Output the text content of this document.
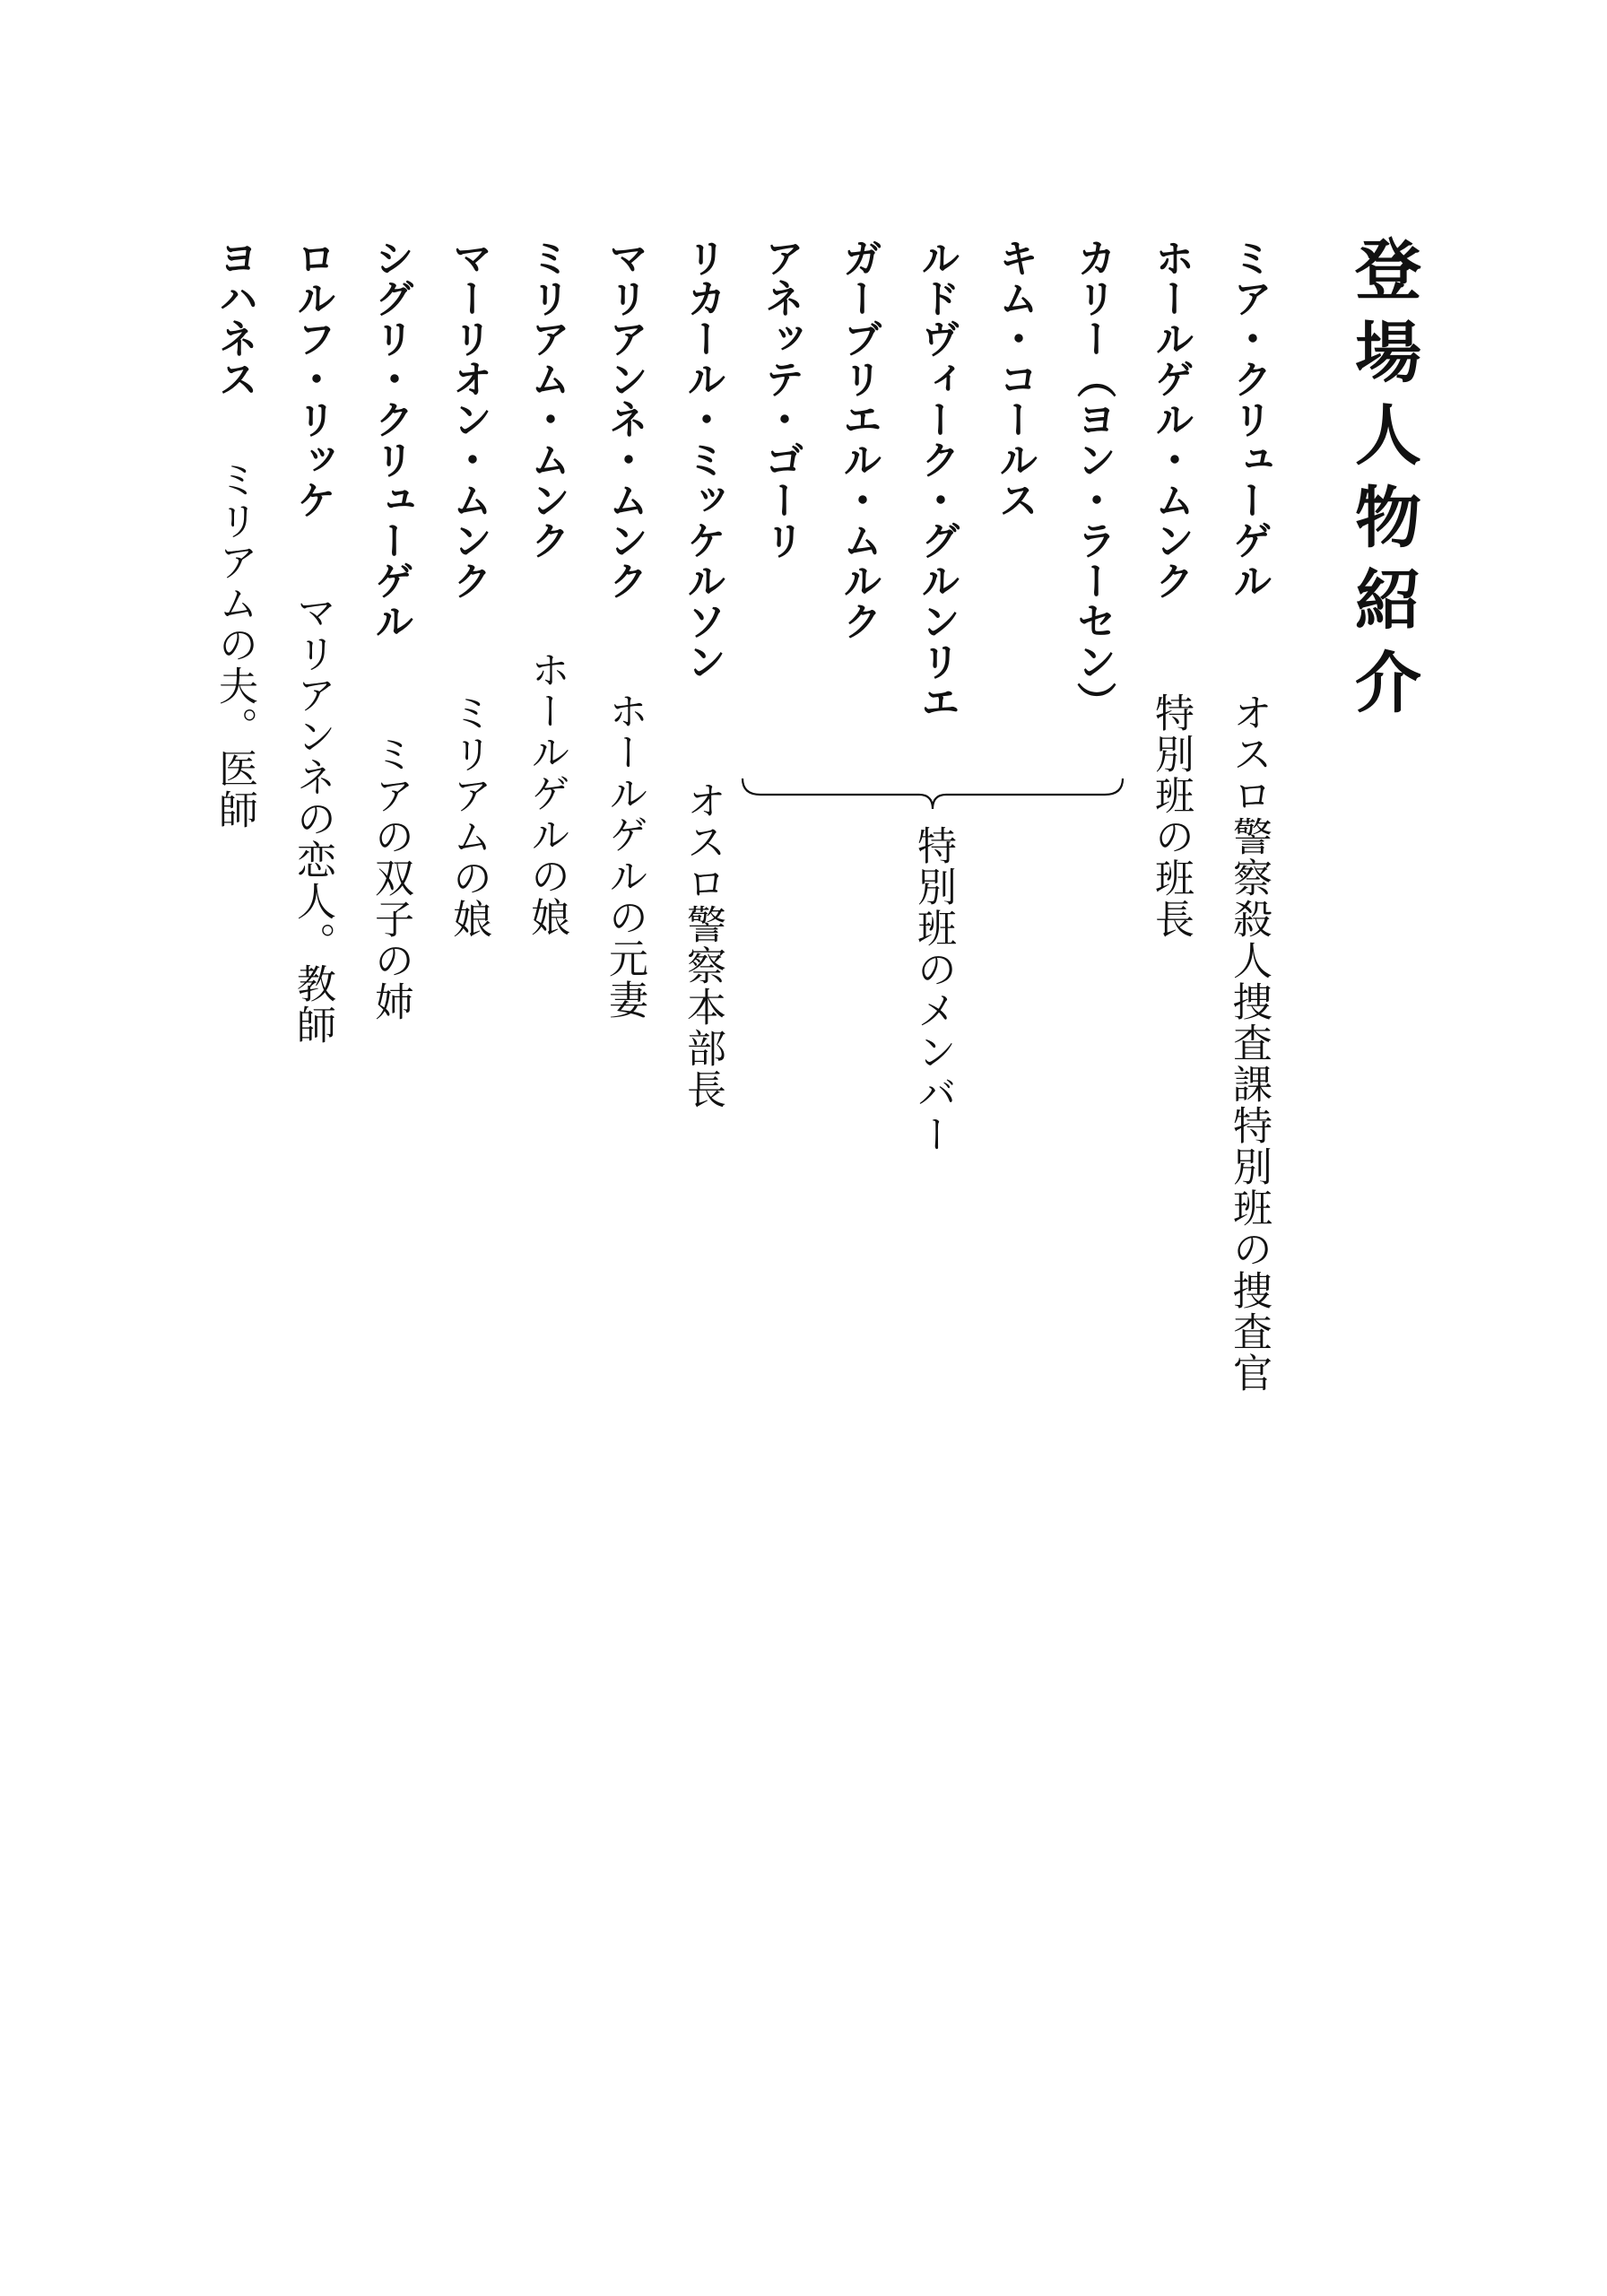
登場人物紹介
ミア・クリューゲル
ホールゲル・ムンク
カリー（ヨン・ラーセン）
キム・コールス
ルドヴィーク・グルンリエ
ガーブリエル・ムルク
アネッテ・ゴーリ
リカール・ミッケルソン
マリアンネ・ムンク
ミリアム・ムンク
マーリオン・ムンク
シグリ・クリューゲル
ロルフ・リッケ
ヨハネス
オスロ警察殺人捜査課特別班の捜査官
特別班の班長
オスロ警察本部長
ホールゲルの元妻
ホールゲルの娘
ミリアムの娘
ミアの双子の姉
マリアンネの恋人。教師
ミリアムの夫。医師
特別班のメンバー
